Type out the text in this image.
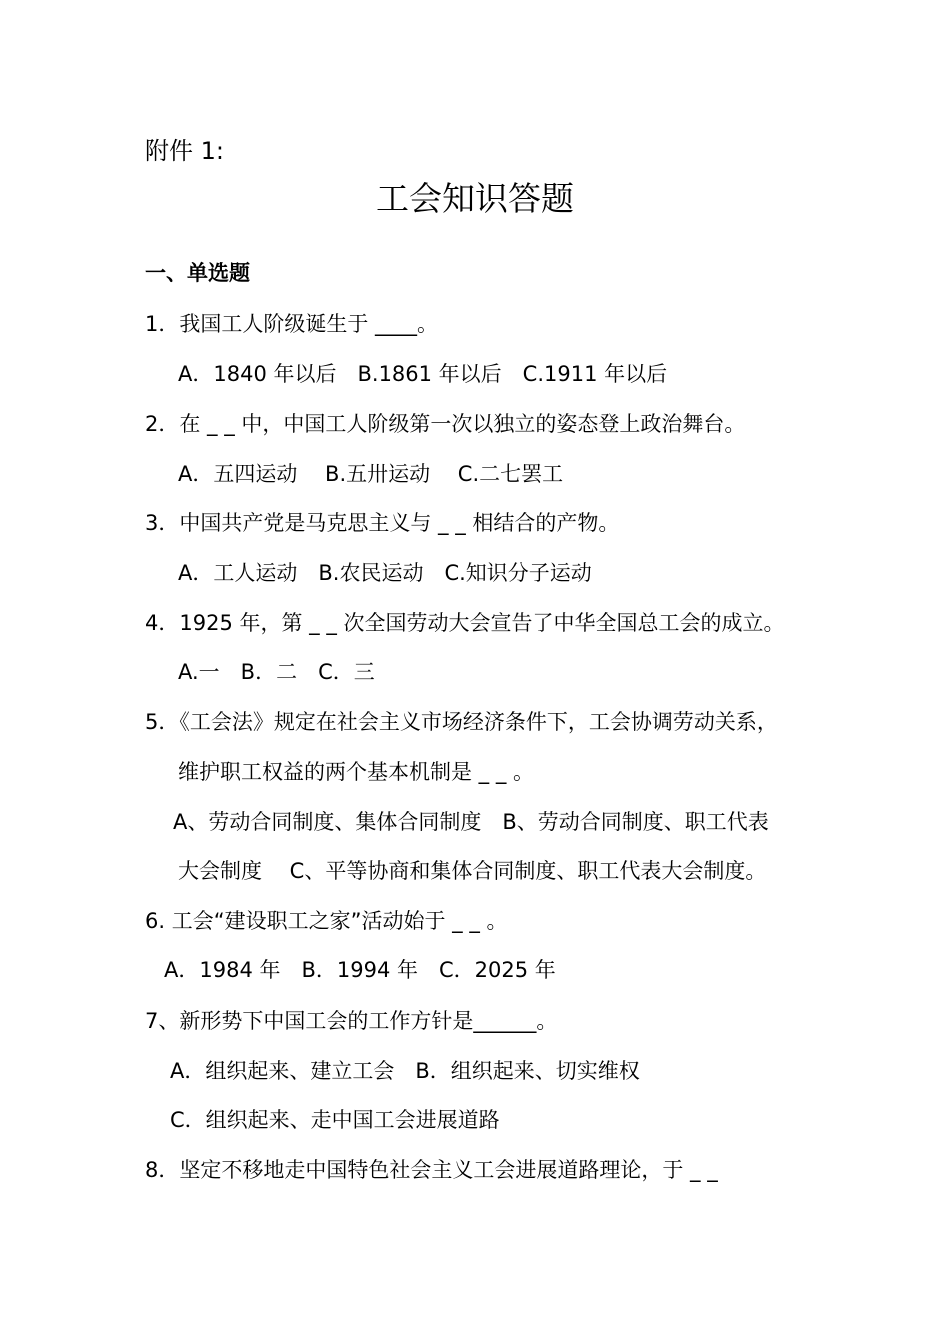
附件 1:
工会知识答题
一、单选题
1．我国工人阶级诞生于 ____。
A．1840 年以后　B.1861 年以后　C.1911 年以后
2．在 _ _ 中，中国工人阶级第一次以独立的姿态登上政治舞台。
A．五四运动　 B.五卅运动　 C.二七罢工
3．中国共产党是马克思主义与 _ _ 相结合的产物。
A．工人运动　B.农民运动　C.知识分子运动
4．1925 年，第 _ _ 次全国劳动大会宣告了中华全国总工会的成立。
A.一　B．二　C．三
5．《工会法》规定在社会主义市场经济条件下，工会协调劳动关系，
维护职工权益的两个基本机制是 _ _ 。
A、劳动合同制度、集体合同制度　B、劳动合同制度、职工代表
大会制度　 C、平等协商和集体合同制度、职工代表大会制度。
6. 工会“建设职工之家”活动始于 _ _ 。
A．1984 年　B．1994 年　C．2025 年
7、新形势下中国工会的工作方针是______。
A．组织起来、建立工会　B．组织起来、切实维权
C．组织起来、走中国工会进展道路
8．坚定不移地走中国特色社会主义工会进展道路理论，于 _ _
